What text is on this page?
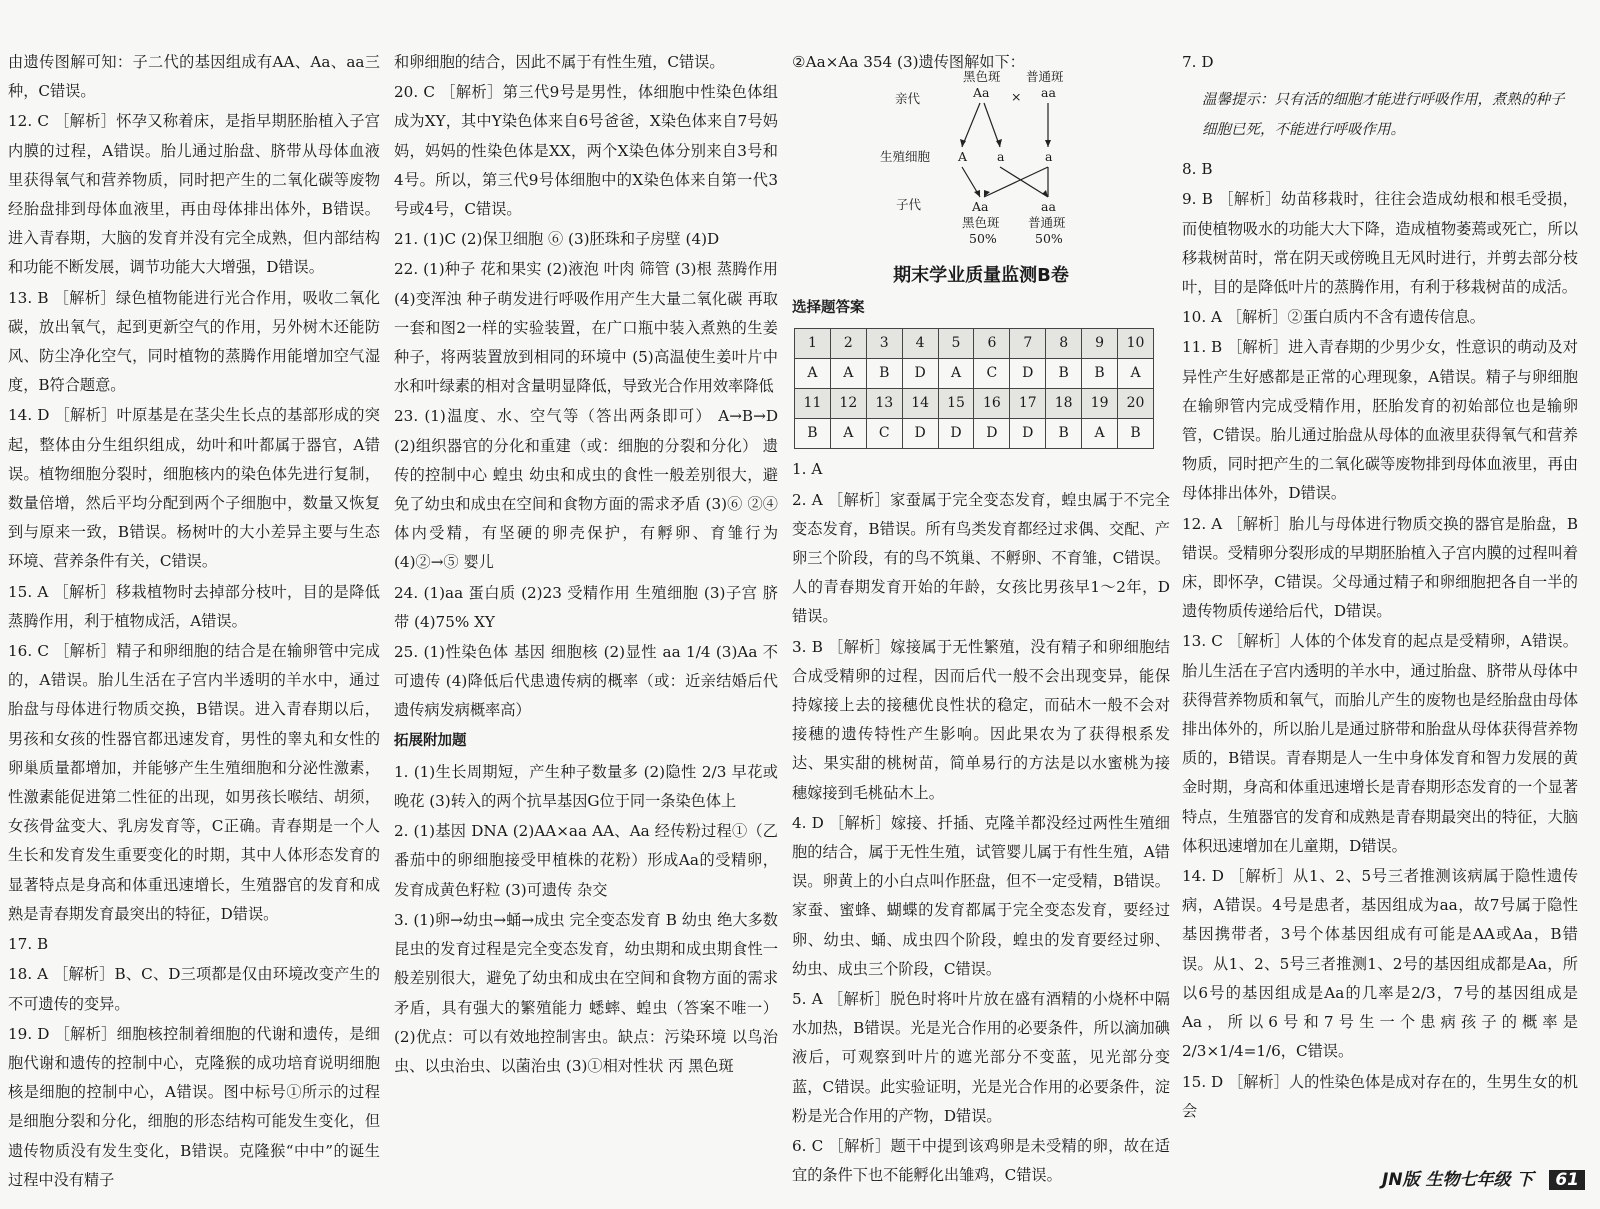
由遗传图解可知：子二代的基因组成有AA、Aa、aa三种，C错误。

12. C ［解析］怀孕又称着床，是指早期胚胎植入子宫内膜的过程，A错误。胎儿通过胎盘、脐带从母体血液里获得氧气和营养物质，同时把产生的二氧化碳等废物经胎盘排到母体血液里，再由母体排出体外，B错误。进入青春期，大脑的发育并没有完全成熟，但内部结构和功能不断发展，调节功能大大增强，D错误。

13. B ［解析］绿色植物能进行光合作用，吸收二氧化碳，放出氧气，起到更新空气的作用，另外树木还能防风、防尘净化空气，同时植物的蒸腾作用能增加空气湿度，B符合题意。

14. D ［解析］叶原基是在茎尖生长点的基部形成的突起，整体由分生组织组成，幼叶和叶都属于器官，A错误。植物细胞分裂时，细胞核内的染色体先进行复制，数量倍增，然后平均分配到两个子细胞中，数量又恢复到与原来一致，B错误。杨树叶的大小差异主要与生态环境、营养条件有关，C错误。

15. A ［解析］移栽植物时去掉部分枝叶，目的是降低蒸腾作用，利于植物成活，A错误。

16. C ［解析］精子和卵细胞的结合是在输卵管中完成的，A错误。胎儿生活在子宫内半透明的羊水中，通过胎盘与母体进行物质交换，B错误。进入青春期以后，男孩和女孩的性器官都迅速发育，男性的睾丸和女性的卵巢质量都增加，并能够产生生殖细胞和分泌性激素，性激素能促进第二性征的出现，如男孩长喉结、胡须，女孩骨盆变大、乳房发育等，C正确。青春期是一个人生长和发育发生重要变化的时期，其中人体形态发育的显著特点是身高和体重迅速增长，生殖器官的发育和成熟是青春期发育最突出的特征，D错误。

17. B

18. A ［解析］B、C、D三项都是仅由环境改变产生的不可遗传的变异。

19. D ［解析］细胞核控制着细胞的代谢和遗传，是细胞代谢和遗传的控制中心，克隆猴的成功培育说明细胞核是细胞的控制中心，A错误。图中标号①所示的过程是细胞分裂和分化，细胞的形态结构可能发生变化，但遗传物质没有发生变化，B错误。克隆猴“中中”的诞生过程中没有精子

和卵细胞的结合，因此不属于有性生殖，C错误。

20. C ［解析］第三代9号是男性，体细胞中性染色体组成为XY，其中Y染色体来自6号爸爸，X染色体来自7号妈妈，妈妈的性染色体是XX，两个X染色体分别来自3号和4号。所以，第三代9号体细胞中的X染色体来自第一代3号或4号，C错误。

21. (1)C (2)保卫细胞 ⑥ (3)胚珠和子房壁 (4)D

22. (1)种子 花和果实 (2)液泡 叶肉 筛管 (3)根 蒸腾作用 (4)变浑浊 种子萌发进行呼吸作用产生大量二氧化碳 再取一套和图2一样的实验装置，在广口瓶中装入煮熟的生姜种子，将两装置放到相同的环境中 (5)高温使生姜叶片中水和叶绿素的相对含量明显降低，导致光合作用效率降低

23. (1)温度、水、空气等（答出两条即可） A→B→D (2)组织器官的分化和重建（或：细胞的分裂和分化） 遗传的控制中心 蝗虫 幼虫和成虫的食性一般差别很大，避免了幼虫和成虫在空间和食物方面的需求矛盾 (3)⑥ ②④ 体内受精，有坚硬的卵壳保护，有孵卵、育雏行为 (4)②→⑤ 婴儿

24. (1)aa 蛋白质 (2)23 受精作用 生殖细胞 (3)子宫 脐带 (4)75% XY

25. (1)性染色体 基因 细胞核 (2)显性 aa 1/4 (3)Aa 不可遗传 (4)降低后代患遗传病的概率（或：近亲结婚后代遗传病发病概率高）

拓展附加题

1. (1)生长周期短，产生种子数量多 (2)隐性 2/3 早花或晚花 (3)转入的两个抗旱基因G位于同一条染色体上

2. (1)基因 DNA (2)AA×aa AA、Aa 经传粉过程①（乙番茄中的卵细胞接受甲植株的花粉）形成Aa的受精卵，发育成黄色籽粒 (3)可遗传 杂交

3. (1)卵→幼虫→蛹→成虫 完全变态发育 B 幼虫 绝大多数昆虫的发育过程是完全变态发育，幼虫期和成虫期食性一般差别很大，避免了幼虫和成虫在空间和食物方面的需求矛盾，具有强大的繁殖能力 蟋蟀、蝗虫（答案不唯一） (2)优点：可以有效地控制害虫。缺点：污染环境 以鸟治虫、以虫治虫、以菌治虫 (3)①相对性状 丙 黑色斑

②Aa×Aa 354 (3)遗传图解如下：

黑色斑 普通斑
亲代	Aa × aa
生殖细胞 A a	a
子代	Aa	aa
黑色斑 普通斑
50%	50%
期末学业质量监测B卷
选择题答案
1	2	3	4	5	6	7	8	9	10
A	A	B	D	A	C	D	B	B	A
11	12	13	14	15	16	17	18	19	20
B	A	C	D	D	D	D	B	A	B

1. A

2. A ［解析］家蚕属于完全变态发育，蝗虫属于不完全变态发育，B错误。所有鸟类发育都经过求偶、交配、产卵三个阶段，有的鸟不筑巢、不孵卵、不育雏，C错误。人的青春期发育开始的年龄，女孩比男孩早1～2年，D错误。

3. B ［解析］嫁接属于无性繁殖，没有精子和卵细胞结合成受精卵的过程，因而后代一般不会出现变异，能保持嫁接上去的接穗优良性状的稳定，而砧木一般不会对接穗的遗传特性产生影响。因此果农为了获得根系发达、果实甜的桃树苗，简单易行的方法是以水蜜桃为接穗嫁接到毛桃砧木上。

4. D ［解析］嫁接、扦插、克隆羊都没经过两性生殖细胞的结合，属于无性生殖，试管婴儿属于有性生殖，A错误。卵黄上的小白点叫作胚盘，但不一定受精，B错误。家蚕、蜜蜂、蝴蝶的发育都属于完全变态发育，要经过卵、幼虫、蛹、成虫四个阶段，蝗虫的发育要经过卵、幼虫、成虫三个阶段，C错误。

5. A ［解析］脱色时将叶片放在盛有酒精的小烧杯中隔水加热，B错误。光是光合作用的必要条件，所以滴加碘液后，可观察到叶片的遮光部分不变蓝，见光部分变蓝，C错误。此实验证明，光是光合作用的必要条件，淀粉是光合作用的产物，D错误。

6. C ［解析］题干中提到该鸡卵是未受精的卵，故在适宜的条件下也不能孵化出雏鸡，C错误。

7. D

温馨提示：只有活的细胞才能进行呼吸作用，煮熟的种子细胞已死，不能进行呼吸作用。

8. B

9. B ［解析］幼苗移栽时，往往会造成幼根和根毛受损，而使植物吸水的功能大大下降，造成植物萎蔫或死亡，所以移栽树苗时，常在阴天或傍晚且无风时进行，并剪去部分枝叶，目的是降低叶片的蒸腾作用，有利于移栽树苗的成活。

10. A ［解析］②蛋白质内不含有遗传信息。

11. B ［解析］进入青春期的少男少女，性意识的萌动及对异性产生好感都是正常的心理现象，A错误。精子与卵细胞在输卵管内完成受精作用，胚胎发育的初始部位也是输卵管，C错误。胎儿通过胎盘从母体的血液里获得氧气和营养物质，同时把产生的二氧化碳等废物排到母体血液里，再由母体排出体外，D错误。

12. A ［解析］胎儿与母体进行物质交换的器官是胎盘，B错误。受精卵分裂形成的早期胚胎植入子宫内膜的过程叫着床，即怀孕，C错误。父母通过精子和卵细胞把各自一半的遗传物质传递给后代，D错误。

13. C ［解析］人体的个体发育的起点是受精卵，A错误。胎儿生活在子宫内透明的羊水中，通过胎盘、脐带从母体中获得营养物质和氧气，而胎儿产生的废物也是经胎盘由母体排出体外的，所以胎儿是通过脐带和胎盘从母体获得营养物质的，B错误。青春期是人一生中身体发育和智力发展的黄金时期，身高和体重迅速增长是青春期形态发育的一个显著特点，生殖器官的发育和成熟是青春期最突出的特征，大脑体积迅速增加在儿童期，D错误。

14. D ［解析］从1、2、5号三者推测该病属于隐性遗传病，A错误。4号是患者，基因组成为aa，故7号属于隐性基因携带者，3号个体基因组成有可能是AA或Aa，B错误。从1、2、5号三者推测1、2号的基因组成都是Aa，所以6号的基因组成是Aa的几率是2/3，7号的基因组成是Aa，所以6号和7号生一个患病孩子的概率是2/3×1/4=1/6，C错误。

15. D ［解析］人的性染色体是成对存在的，生男生女的机会

JN版 生物七年级 下 61
